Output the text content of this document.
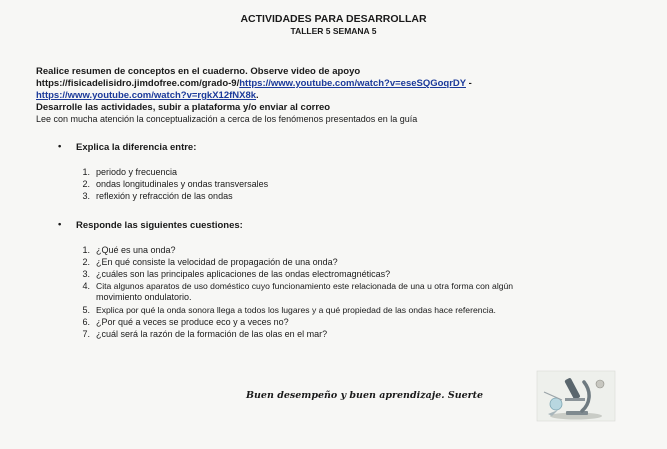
ACTIVIDADES PARA DESARROLLAR
TALLER 5 SEMANA 5
Realice resumen de conceptos en el cuaderno. Observe video de apoyo
https://fisicadelisidro.jimdofree.com/grado-9/https://www.youtube.com/watch?v=eseSQGoqrDY -
https://www.youtube.com/watch?v=rgkX12fNX8k.
Desarrolle las actividades, subir a plataforma y/o enviar al correo
Lee con mucha atención la conceptualización a cerca de los fenómenos presentados en la guía
• Explica la diferencia entre:
1. periodo y frecuencia
2. ondas longitudinales y ondas transversales
3. reflexión y refracción de las ondas
• Responde las siguientes cuestiones:
1. ¿Qué es una onda?
2. ¿En qué consiste la velocidad de propagación de una onda?
3. ¿cuáles son las principales aplicaciones de las ondas electromagnéticas?
4. Cita algunos aparatos de uso doméstico cuyo funcionamiento este relacionada de una u otra forma con algún
movimiento ondulatorio.
5. Explica por qué la onda sonora llega a todos los lugares y a qué propiedad de las ondas hace referencia.
6. ¿Por qué a veces se produce eco y a veces no?
7. ¿cuál será la razón de la formación de las olas en el mar?
Buen desempeño y buen aprendizaje. Suerte
